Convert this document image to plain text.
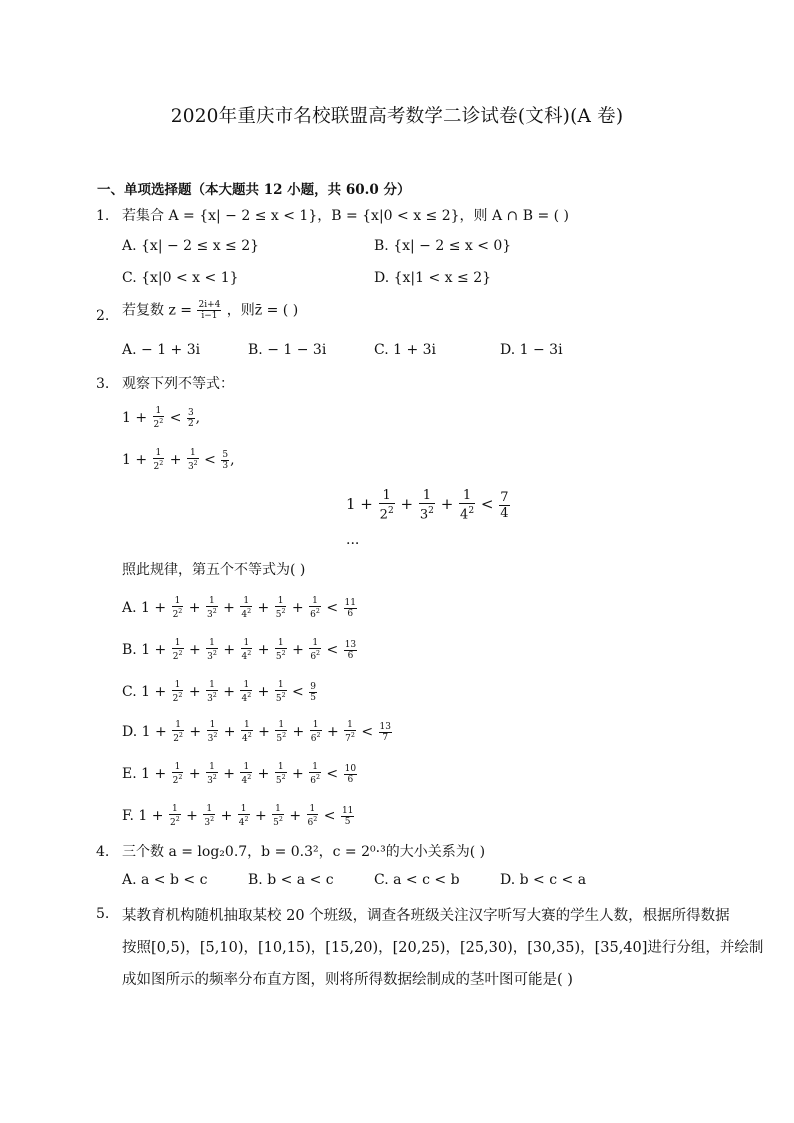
2020年重庆市名校联盟高考数学二诊试卷(文科)(A 卷)
一、单项选择题（本大题共 12 小题，共 60.0 分）
1. 若集合 A = {x| − 2 ≤ x < 1}，B = {x|0 < x ≤ 2}，则 A ∩ B = ( )
A. {x| − 2 ≤ x ≤ 2}	B. {x| − 2 ≤ x < 0}
C. {x|0 < x < 1}	D. {x|1 < x ≤ 2}
2. 若复数 $z = \frac{2i+4}{i-1}$ ，则z̄ = ( )
A. − 1 + 3i	B. − 1 − 3i	C. 1 + 3i	D. 1 − 3i
3. 观察下列不等式：
$1 + \frac{1}{2^2} < \frac{3}{2}$ ,
$1 + \frac{1}{2^2} + \frac{1}{3^2} < \frac{5}{3}$ ,
$1 + \frac{1}{2^2} + \frac{1}{3^2} + \frac{1}{4^2} < \frac{7}{4}$
...
照此规律，第五个不等式为( )
A. $1 + \frac{1}{2^2} + \frac{1}{3^2} + \frac{1}{4^2} + \frac{1}{5^2} + \frac{1}{6^2} < \frac{11}{6}$
B. $1 + \frac{1}{2^2} + \frac{1}{3^2} + \frac{1}{4^2} + \frac{1}{5^2} + \frac{1}{6^2} < \frac{13}{6}$
C. $1 + \frac{1}{2^2} + \frac{1}{3^2} + \frac{1}{4^2} + \frac{1}{5^2} < \frac{9}{5}$
D. $1 + \frac{1}{2^2} + \frac{1}{3^2} + \frac{1}{4^2} + \frac{1}{5^2} + \frac{1}{6^2} + \frac{1}{7^2} < \frac{13}{7}$
E. $1 + \frac{1}{2^2} + \frac{1}{3^2} + \frac{1}{4^2} + \frac{1}{5^2} + \frac{1}{6^2} < \frac{10}{6}$
F. $1 + \frac{1}{2^2} + \frac{1}{3^2} + \frac{1}{4^2} + \frac{1}{5^2} + \frac{1}{6^2} < \frac{11}{5}$
4. 三个数 a = log₂0.7，b = 0.3²，c = 2⁰·³的大小关系为( )
A. a < b < c	B. b < a < c	C. a < c < b	D. b < c < a
5. 某教育机构随机抽取某校 20 个班级，调查各班级关注汉字听写大赛的学生人数，根据所得数据
按照[0,5)，[5,10)，[10,15)，[15,20)，[20,25)，[25,30)，[30,35)，[35,40]进行分组，并绘制
成如图所示的频率分布直方图，则将所得数据绘制成的茎叶图可能是( )
